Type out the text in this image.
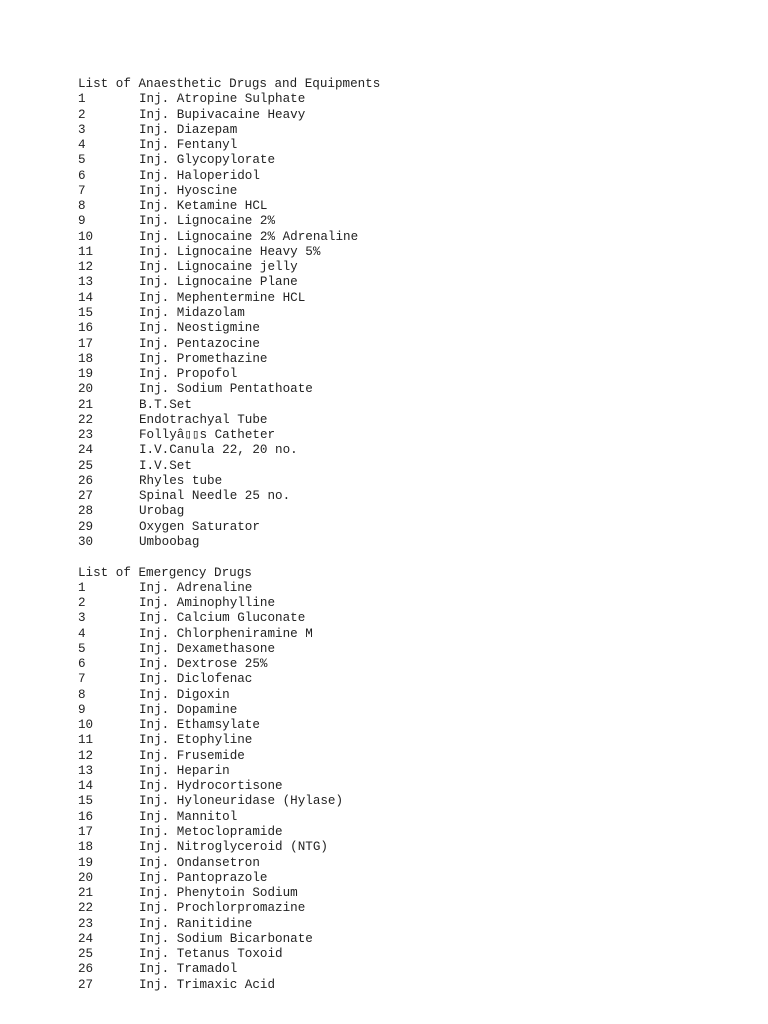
List of Anaesthetic Drugs and Equipments
1	Inj. Atropine Sulphate
2	Inj. Bupivacaine Heavy
3	Inj. Diazepam
4	Inj. Fentanyl
5	Inj. Glycopylorate
6	Inj. Haloperidol
7	Inj. Hyoscine
8	Inj. Ketamine HCL
9	Inj. Lignocaine 2%
10	Inj. Lignocaine 2% Adrenaline
11	Inj. Lignocaine Heavy 5%
12	Inj. Lignocaine jelly
13	Inj. Lignocaine Plane
14	Inj. Mephentermine HCL
15	Inj. Midazolam
16	Inj. Neostigmine
17	Inj. Pentazocine
18	Inj. Promethazine
19	Inj. Propofol
20	Inj. Sodium Pentathoate
21	B.T.Set
22	Endotrachyal Tube
23	Follyâ▯▯s Catheter
24	I.V.Canula 22, 20 no.
25	I.V.Set
26	Rhyles tube
27	Spinal Needle 25 no.
28	Urobag
29	Oxygen Saturator
30	Umboobag
List of Emergency Drugs
1	Inj. Adrenaline
2	Inj. Aminophylline
3	Inj. Calcium Gluconate
4	Inj. Chlorpheniramine M
5	Inj. Dexamethasone
6	Inj. Dextrose 25%
7	Inj. Diclofenac
8	Inj. Digoxin
9	Inj. Dopamine
10	Inj. Ethamsylate
11	Inj. Etophyline
12	Inj. Frusemide
13	Inj. Heparin
14	Inj. Hydrocortisone
15	Inj. Hyloneuridase (Hylase)
16	Inj. Mannitol
17	Inj. Metoclopramide
18	Inj. Nitroglyceroid (NTG)
19	Inj. Ondansetron
20	Inj. Pantoprazole
21	Inj. Phenytoin Sodium
22	Inj. Prochlorpromazine
23	Inj. Ranitidine
24	Inj. Sodium Bicarbonate
25	Inj. Tetanus Toxoid
26	Inj. Tramadol
27	Inj. Trimaxic Acid
